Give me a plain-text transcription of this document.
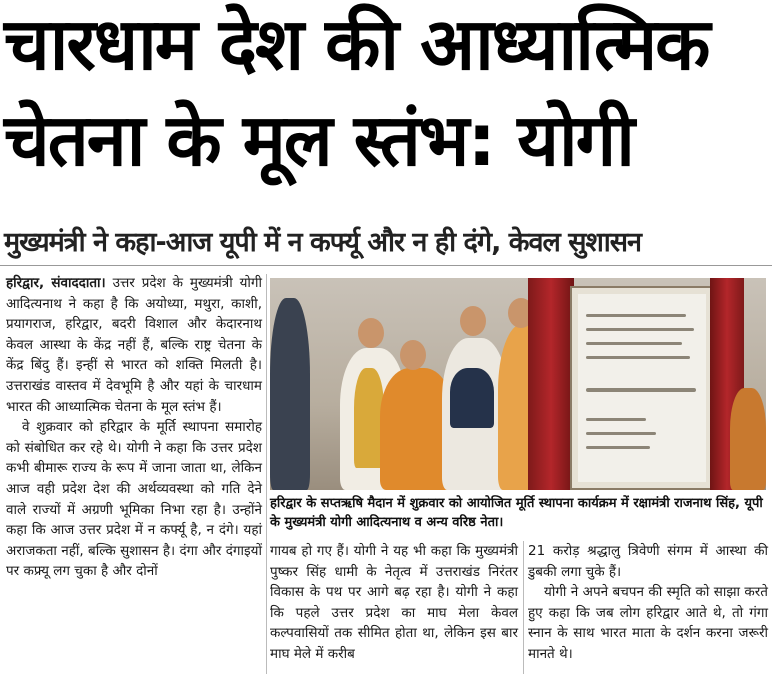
चारधाम देश की आध्यात्मिक
चेतना के मूल स्तंभ: योगी
मुख्यमंत्री ने कहा-आज यूपी में न कर्फ्यू और न ही दंगे, केवल सुशासन

हरिद्वार, संवाददाता। उत्तर प्रदेश के मुख्यमंत्री योगी आदित्यनाथ ने कहा है कि अयोध्या, मथुरा, काशी, प्रयागराज, हरिद्वार, बदरी विशाल और केदारनाथ केवल आस्था के केंद्र नहीं हैं, बल्कि राष्ट्र चेतना के केंद्र बिंदु हैं। इन्हीं से भारत को शक्ति मिलती है। उत्तराखंड वास्तव में देवभूमि है और यहां के चारधाम भारत की आध्यात्मिक चेतना के मूल स्तंभ हैं।

वे शुक्रवार को हरिद्वार के मूर्ति स्थापना समारोह को संबोधित कर रहे थे। योगी ने कहा कि उत्तर प्रदेश कभी बीमारू राज्य के रूप में जाना जाता था, लेकिन आज वही प्रदेश देश की अर्थव्यवस्था को गति देने वाले राज्यों में अग्रणी भूमिका निभा रहा है। उन्होंने कहा कि आज उत्तर प्रदेश में न कर्फ्यू है, न दंगे। यहां अराजकता नहीं, बल्कि सुशासन है। दंगा और दंगाइयों पर कफ्र्यू लग चुका है और दोनों

हरिद्वार के सप्तऋषि मैदान में शुक्रवार को आयोजित मूर्ति स्थापना कार्यक्रम में रक्षामंत्री राजनाथ सिंह, यूपी के मुख्यमंत्री योगी आदित्यनाथ व अन्य वरिष्ठ नेता।

गायब हो गए हैं। योगी ने यह भी कहा कि मुख्यमंत्री पुष्कर सिंह धामी के नेतृत्व में उत्तराखंड निरंतर विकास के पथ पर आगे बढ़ रहा है। योगी ने कहा कि पहले उत्तर प्रदेश का माघ मेला केवल कल्पवासियों तक सीमित होता था, लेकिन इस बार माघ मेले में करीब

21 करोड़ श्रद्धालु त्रिवेणी संगम में आस्था की डुबकी लगा चुके हैं।

योगी ने अपने बचपन की स्मृति को साझा करते हुए कहा कि जब लोग हरिद्वार आते थे, तो गंगा स्नान के साथ भारत माता के दर्शन करना जरूरी मानते थे।
